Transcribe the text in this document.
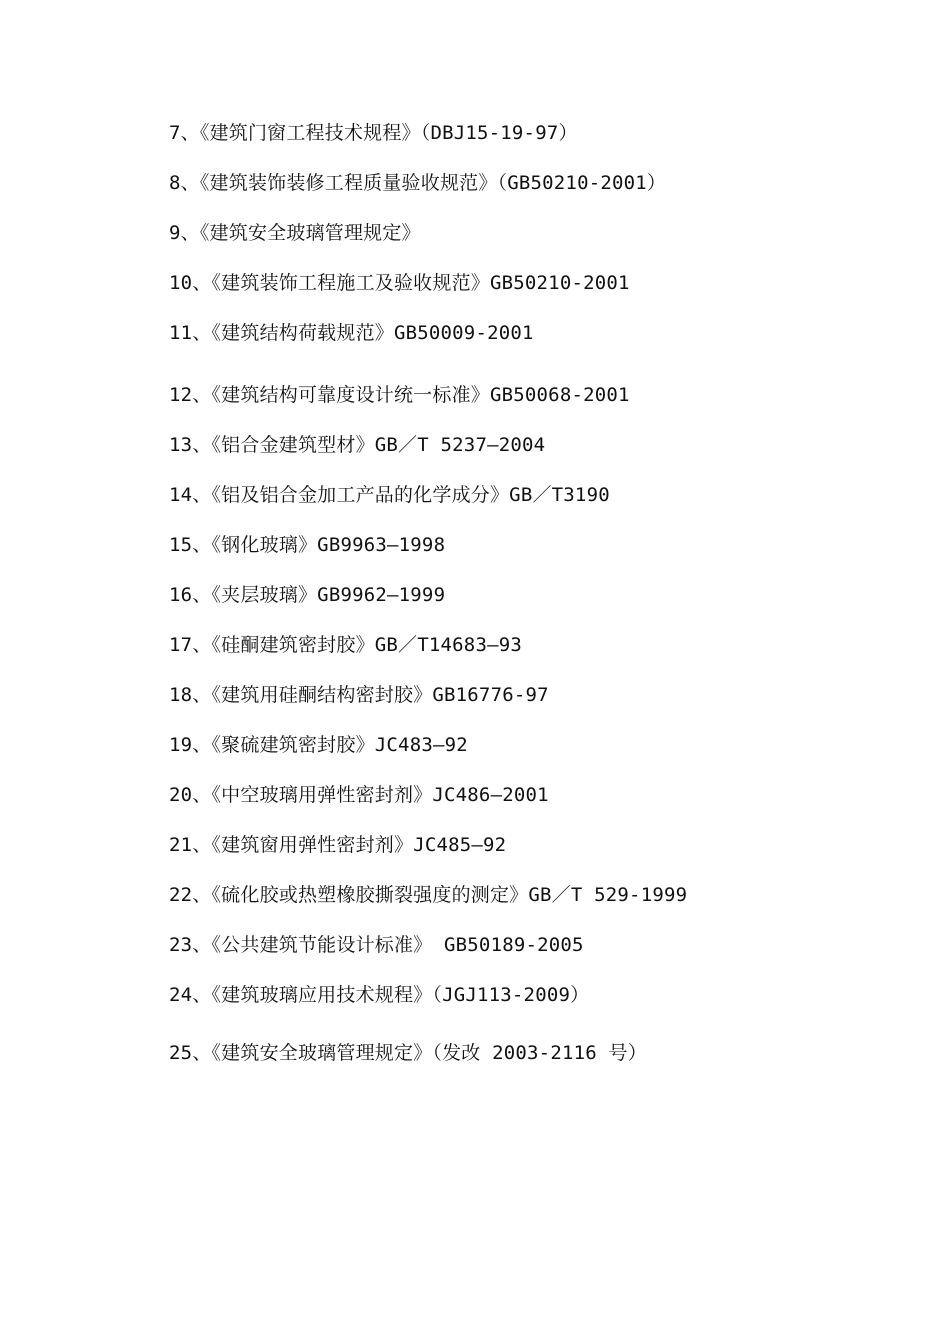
7、《建筑门窗工程技术规程》（DBJ15-19-97）
8、《建筑装饰装修工程质量验收规范》（GB50210-2001）
9、《建筑安全玻璃管理规定》
10、《建筑装饰工程施工及验收规范》GB50210-2001
11、《建筑结构荷载规范》GB50009-2001
12、《建筑结构可靠度设计统一标准》GB50068-2001
13、《铝合金建筑型材》GB／T 5237—2004
14、《铝及铝合金加工产品的化学成分》GB／T3190
15、《钢化玻璃》GB9963—1998
16、《夹层玻璃》GB9962—1999
17、《硅酮建筑密封胶》GB／T14683—93
18、《建筑用硅酮结构密封胶》GB16776-97
19、《聚硫建筑密封胶》JC483—92
20、《中空玻璃用弹性密封剂》JC486—2001
21、《建筑窗用弹性密封剂》JC485—92
22、《硫化胶或热塑橡胶撕裂强度的测定》GB／T 529-1999
23、《公共建筑节能设计标准》 GB50189-2005
24、《建筑玻璃应用技术规程》（JGJ113-2009）
25、《建筑安全玻璃管理规定》（发改 2003-2116 号）
